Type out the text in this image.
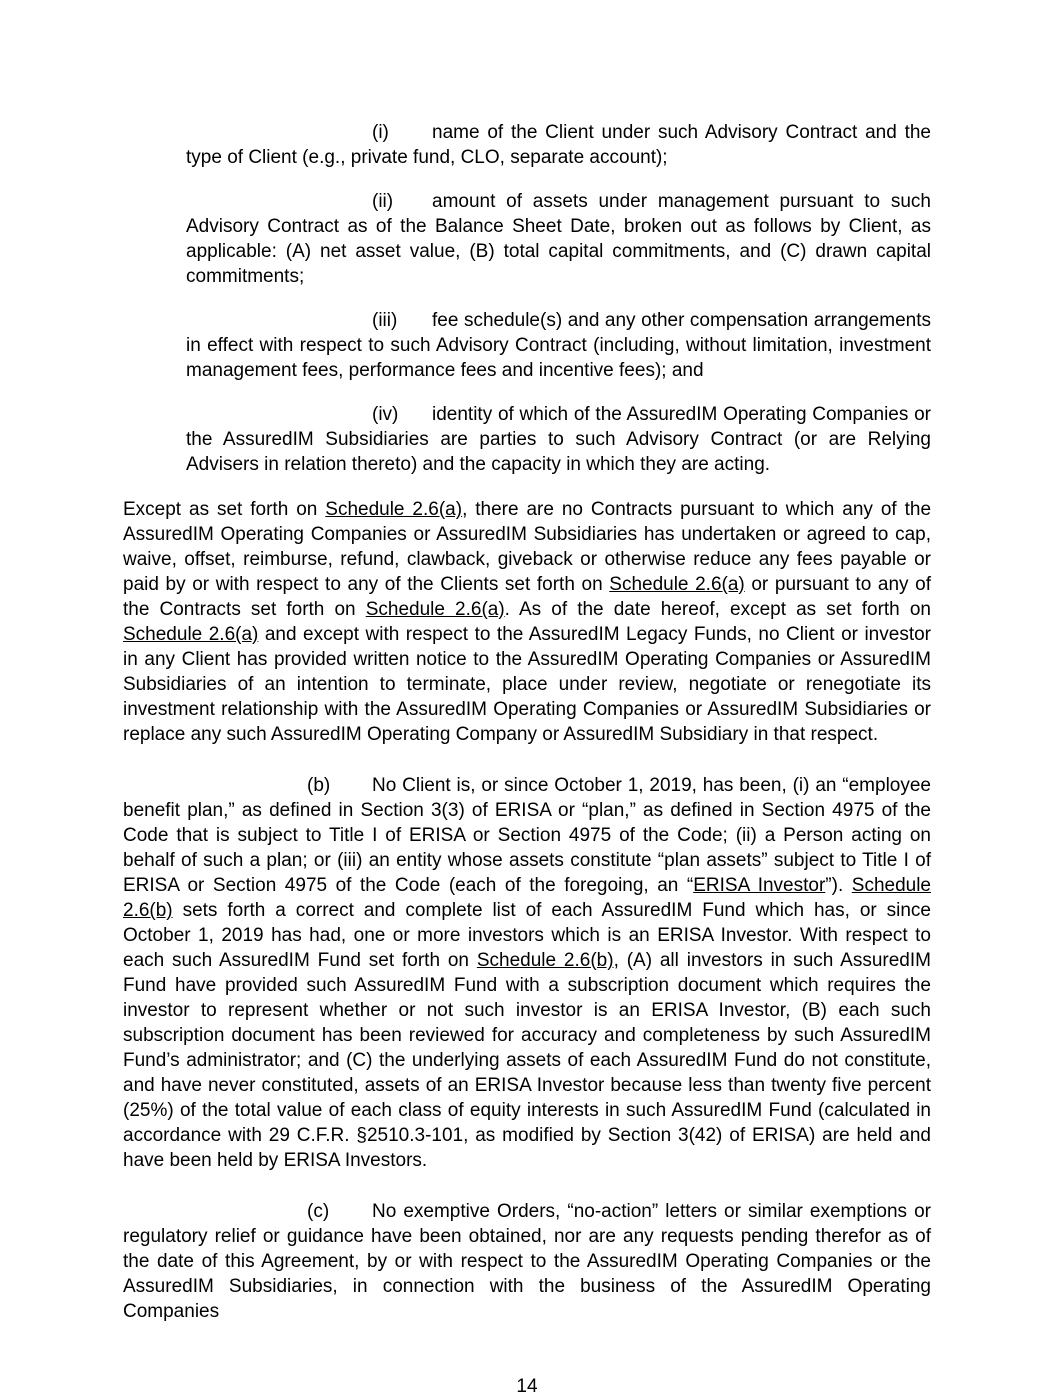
(i) name of the Client under such Advisory Contract and the type of Client (e.g., private fund, CLO, separate account);

(ii) amount of assets under management pursuant to such Advisory Contract as of the Balance Sheet Date, broken out as follows by Client, as applicable: (A) net asset value, (B) total capital commitments, and (C) drawn capital commitments;

(iii) fee schedule(s) and any other compensation arrangements in effect with respect to such Advisory Contract (including, without limitation, investment management fees, performance fees and incentive fees); and

(iv) identity of which of the AssuredIM Operating Companies or the AssuredIM Subsidiaries are parties to such Advisory Contract (or are Relying Advisers in relation thereto) and the capacity in which they are acting.

Except as set forth on Schedule 2.6(a), there are no Contracts pursuant to which any of the AssuredIM Operating Companies or AssuredIM Subsidiaries has undertaken or agreed to cap, waive, offset, reimburse, refund, clawback, giveback or otherwise reduce any fees payable or paid by or with respect to any of the Clients set forth on Schedule 2.6(a) or pursuant to any of the Contracts set forth on Schedule 2.6(a). As of the date hereof, except as set forth on Schedule 2.6(a) and except with respect to the AssuredIM Legacy Funds, no Client or investor in any Client has provided written notice to the AssuredIM Operating Companies or AssuredIM Subsidiaries of an intention to terminate, place under review, negotiate or renegotiate its investment relationship with the AssuredIM Operating Companies or AssuredIM Subsidiaries or replace any such AssuredIM Operating Company or AssuredIM Subsidiary in that respect.

(b) No Client is, or since October 1, 2019, has been, (i) an “employee benefit plan,” as defined in Section 3(3) of ERISA or “plan,” as defined in Section 4975 of the Code that is subject to Title I of ERISA or Section 4975 of the Code; (ii) a Person acting on behalf of such a plan; or (iii) an entity whose assets constitute “plan assets” subject to Title I of ERISA or Section 4975 of the Code (each of the foregoing, an “ERISA Investor”). Schedule 2.6(b) sets forth a correct and complete list of each AssuredIM Fund which has, or since October 1, 2019 has had, one or more investors which is an ERISA Investor. With respect to each such AssuredIM Fund set forth on Schedule 2.6(b), (A) all investors in such AssuredIM Fund have provided such AssuredIM Fund with a subscription document which requires the investor to represent whether or not such investor is an ERISA Investor, (B) each such subscription document has been reviewed for accuracy and completeness by such AssuredIM Fund’s administrator; and (C) the underlying assets of each AssuredIM Fund do not constitute, and have never constituted, assets of an ERISA Investor because less than twenty five percent (25%) of the total value of each class of equity interests in such AssuredIM Fund (calculated in accordance with 29 C.F.R. §2510.3-101, as modified by Section 3(42) of ERISA) are held and have been held by ERISA Investors.

(c) No exemptive Orders, “no-action” letters or similar exemptions or regulatory relief or guidance have been obtained, nor are any requests pending therefor as of the date of this Agreement, by or with respect to the AssuredIM Operating Companies or the AssuredIM Subsidiaries, in connection with the business of the AssuredIM Operating Companies

14
